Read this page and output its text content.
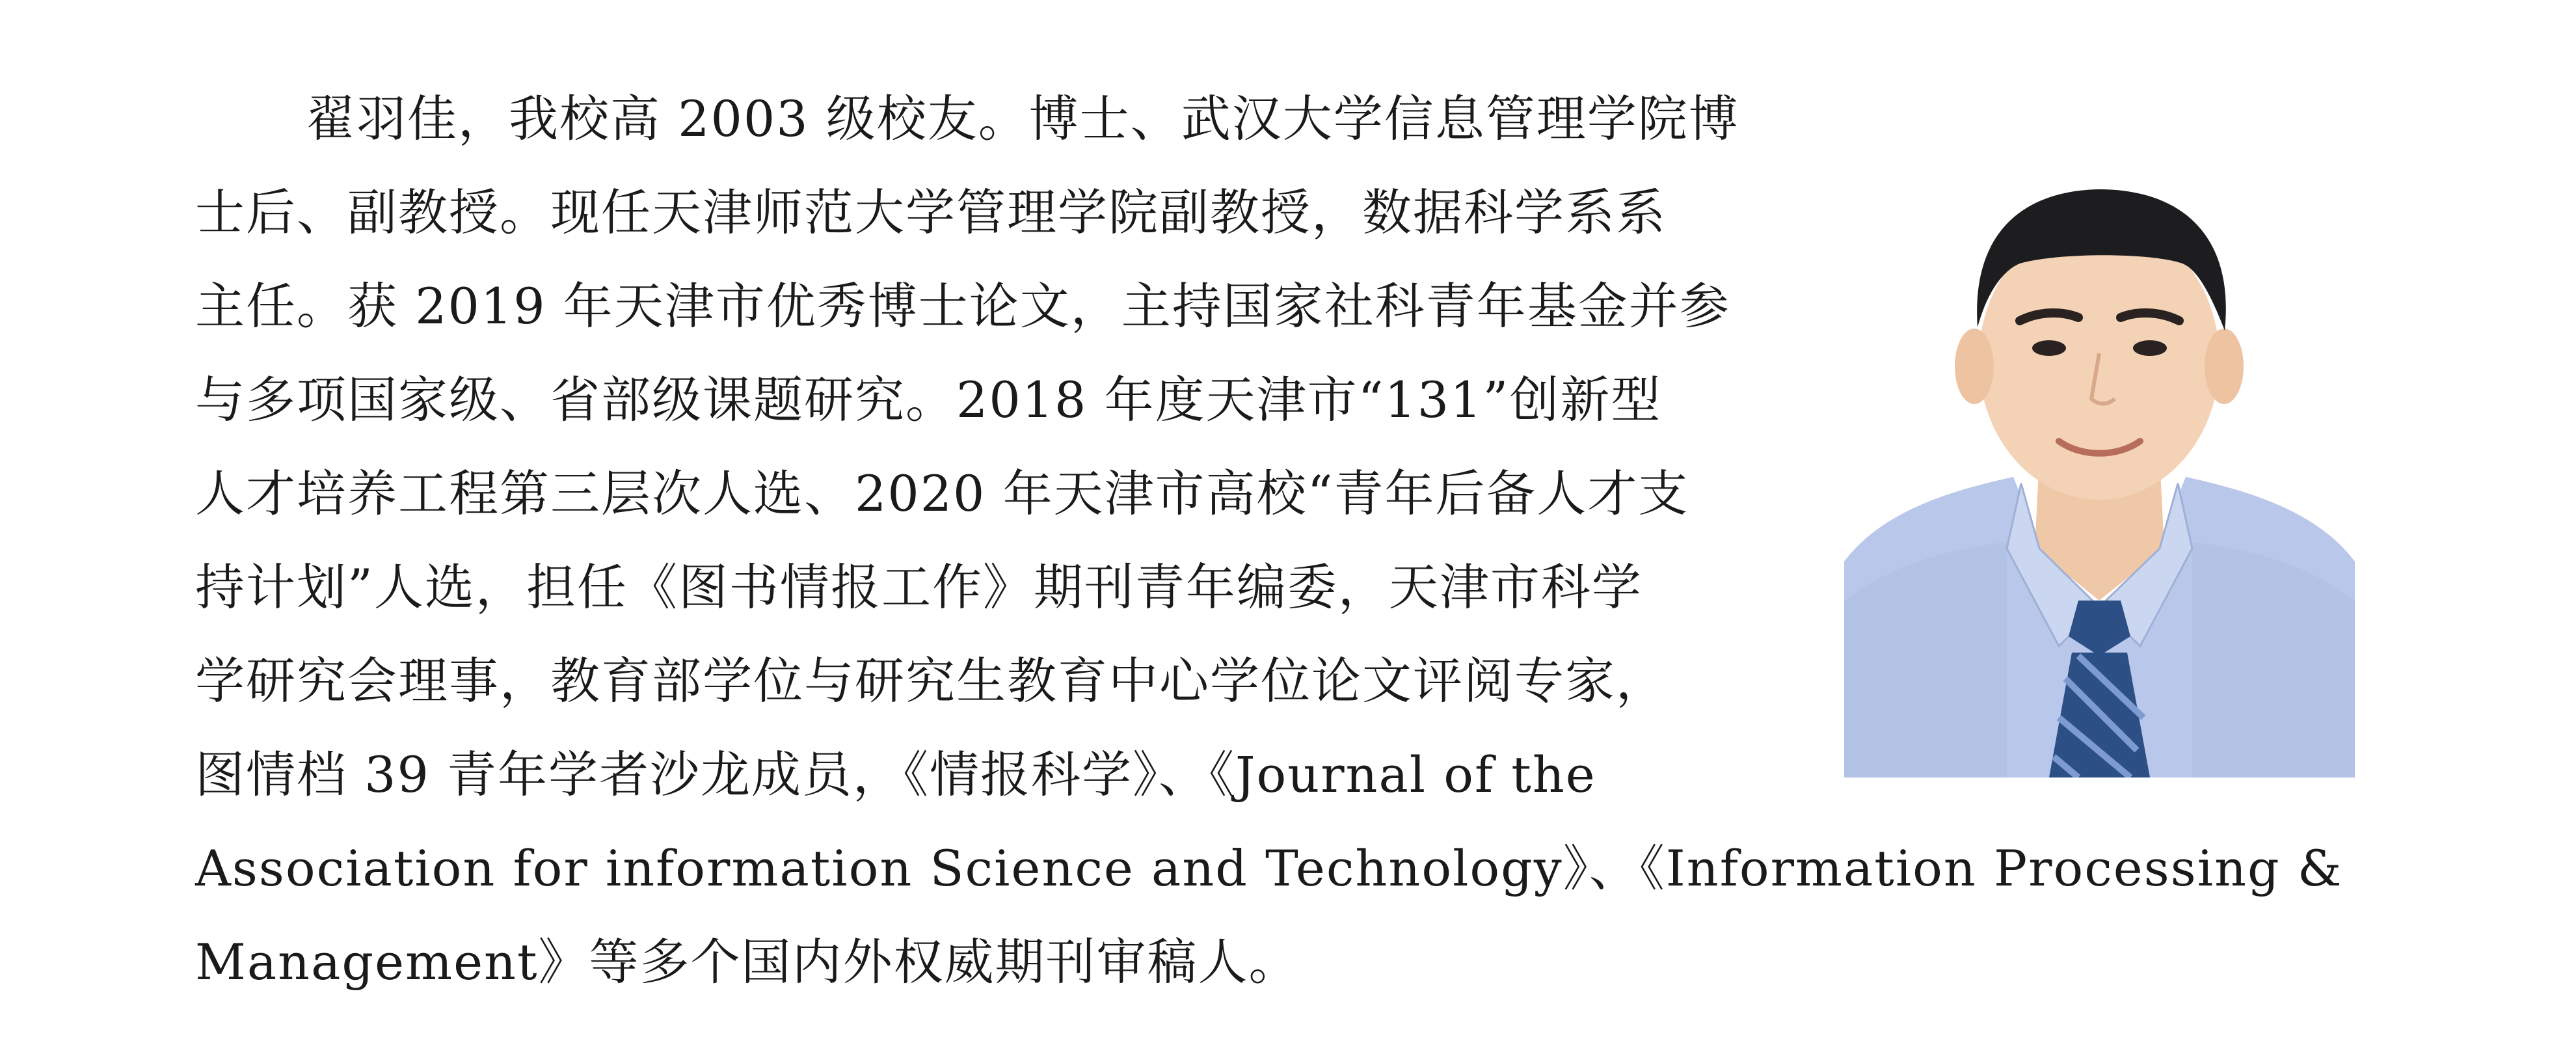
翟羽佳，我校高 2003 级校友。博士、武汉大学信息管理学院博
士后、副教授。现任天津师范大学管理学院副教授，数据科学系系
主任。获 2019 年天津市优秀博士论文，主持国家社科青年基金并参
与多项国家级、省部级课题研究。2018 年度天津市“131”创新型
人才培养工程第三层次人选、2020 年天津市高校“青年后备人才支
持计划”人选，担任《图书情报工作》期刊青年编委，天津市科学
学研究会理事，教育部学位与研究生教育中心学位论文评阅专家，
图情档 39 青年学者沙龙成员，《情报科学》、《Journal of the
Association for information Science and Technology》、《Information Processing &
Management》等多个国内外权威期刊审稿人。
